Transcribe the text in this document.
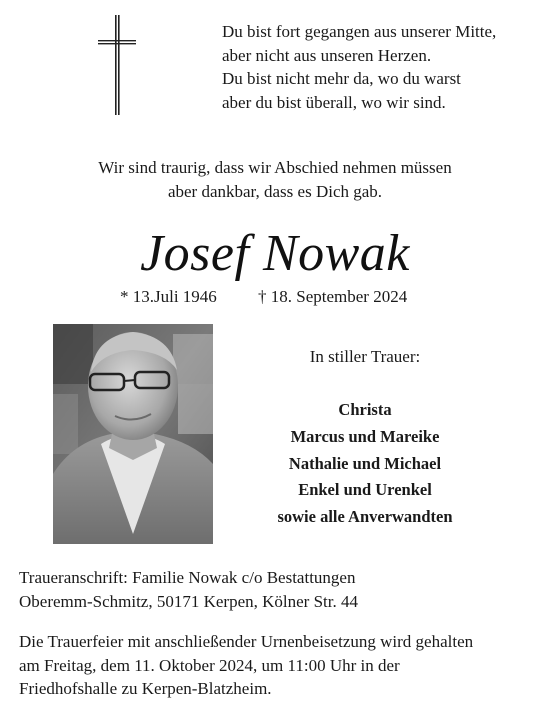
Du bist fort gegangen aus unserer Mitte,
aber nicht aus unseren Herzen.
Du bist nicht mehr da, wo du warst
aber du bist überall, wo wir sind.
Wir sind traurig, dass wir Abschied nehmen müssen
aber dankbar, dass es Dich gab.
Josef Nowak
* 13.Juli 1946 † 18. September 2024
In stiller Trauer:
Christa
Marcus und Mareike
Nathalie und Michael
Enkel und Urenkel
sowie alle Anverwandten
Traueranschrift: Familie Nowak c/o Bestattungen
Oberemm-Schmitz, 50171 Kerpen, Kölner Str. 44
Die Trauerfeier mit anschließender Urnenbeisetzung wird gehalten
am Freitag, dem 11. Oktober 2024, um 11:00 Uhr in der
Friedhofshalle zu Kerpen-Blatzheim.
